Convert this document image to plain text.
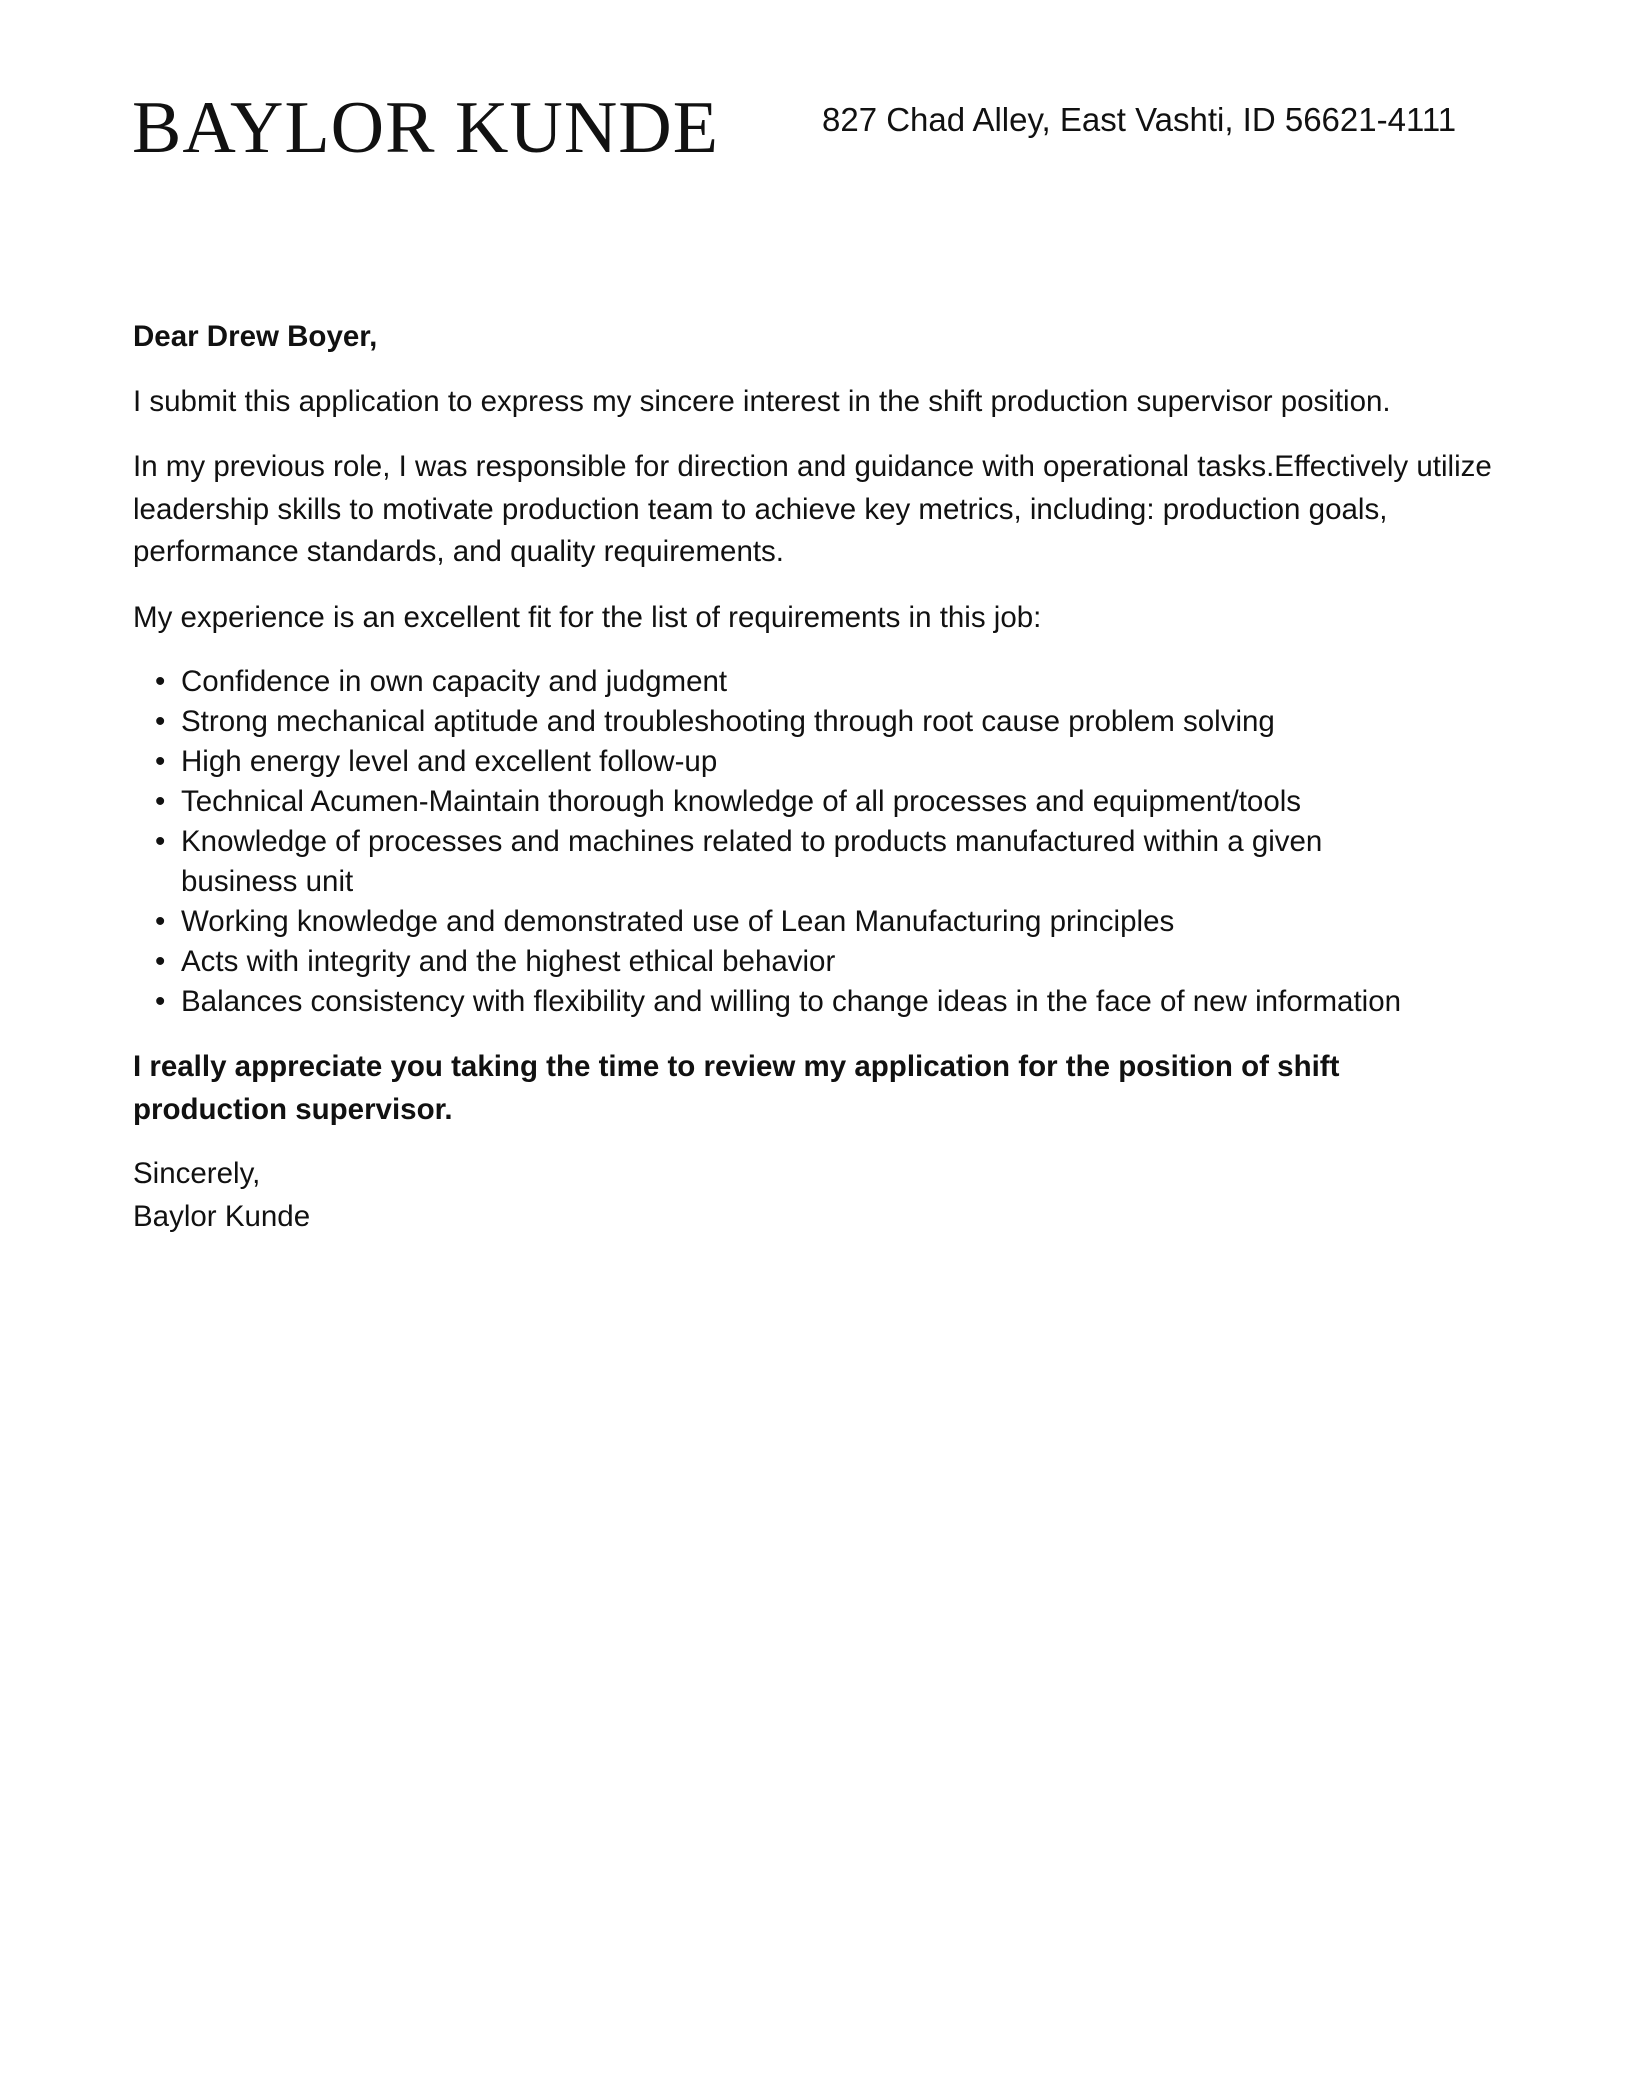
BAYLOR KUNDE	827 Chad Alley, East Vashti, ID 56621-4111

Dear Drew Boyer,

I submit this application to express my sincere interest in the shift production supervisor position.

In my previous role, I was responsible for direction and guidance with operational tasks.Effectively utilize leadership skills to motivate production team to achieve key metrics, including: production goals, performance standards, and quality requirements.

My experience is an excellent fit for the list of requirements in this job:

• Confidence in own capacity and judgment
• Strong mechanical aptitude and troubleshooting through root cause problem solving
• High energy level and excellent follow-up
• Technical Acumen-Maintain thorough knowledge of all processes and equipment/tools
• Knowledge of processes and machines related to products manufactured within a given business unit
• Working knowledge and demonstrated use of Lean Manufacturing principles
• Acts with integrity and the highest ethical behavior
• Balances consistency with flexibility and willing to change ideas in the face of new information

I really appreciate you taking the time to review my application for the position of shift production supervisor.

Sincerely,

Baylor Kunde
